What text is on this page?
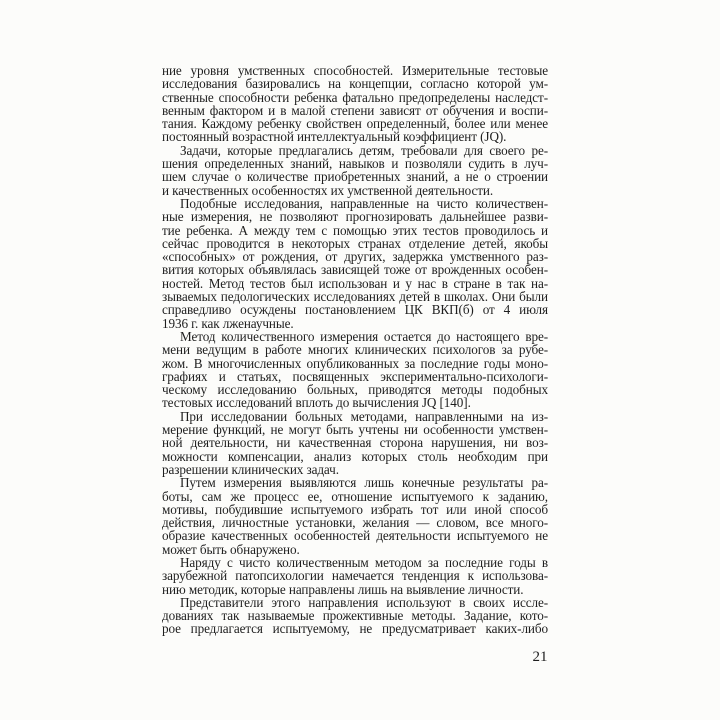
ние уровня умственных способностей. Измерительные тестовые
исследования базировались на концепции, согласно которой ум-
ственные способности ребенка фатально предопределены наследст-
венным фактором и в малой степени зависят от обучения и воспи-
тания. Каждому ребенку свойствен определенный, более или менее
постоянный возрастной интеллектуальный коэффициент (JQ).
Задачи, которые предлагались детям, требовали для своего ре-
шения определенных знаний, навыков и позволяли судить в луч-
шем случае о количестве приобретенных знаний, а не о строении
и качественных особенностях их умственной деятельности.
Подобные исследования, направленные на чисто количествен-
ные измерения, не позволяют прогнозировать дальнейшее разви-
тие ребенка. А между тем с помощью этих тестов проводилось и
сейчас проводится в некоторых странах отделение детей, якобы
«способных» от рождения, от других, задержка умственного раз-
вития которых объявлялась зависящей тоже от врожденных особен-
ностей. Метод тестов был использован и у нас в стране в так на-
зываемых педологических исследованиях детей в школах. Они были
справедливо осуждены постановлением ЦК ВКП(б) от 4 июля
1936 г. как лженаучные.
Метод количественного измерения остается до настоящего вре-
мени ведущим в работе многих клинических психологов за рубе-
жом. В многочисленных опубликованных за последние годы моно-
графиях и статьях, посвященных экспериментально-психологи-
ческому исследованию больных, приводятся методы подобных
тестовых исследований вплоть до вычисления JQ [140].
При исследовании больных методами, направленными на из-
мерение функций, не могут быть учтены ни особенности умствен-
ной деятельности, ни качественная сторона нарушения, ни воз-
можности компенсации, анализ которых столь необходим при
разрешении клинических задач.
Путем измерения выявляются лишь конечные результаты ра-
боты, сам же процесс ее, отношение испытуемого к заданию,
мотивы, побудившие испытуемого избрать тот или иной способ
действия, личностные установки, желания — словом, все много-
образие качественных особенностей деятельности испытуемого не
может быть обнаружено.
Наряду с чисто количественным методом за последние годы в
зарубежной патопсихологии намечается тенденция к использова-
нию методик, которые направлены лишь на выявление личности.
Представители этого направления используют в своих иссле-
дованиях так называемые прожективные методы. Задание, кото-
рое предлагается испытуемому, не предусматривает каких-либо
21
